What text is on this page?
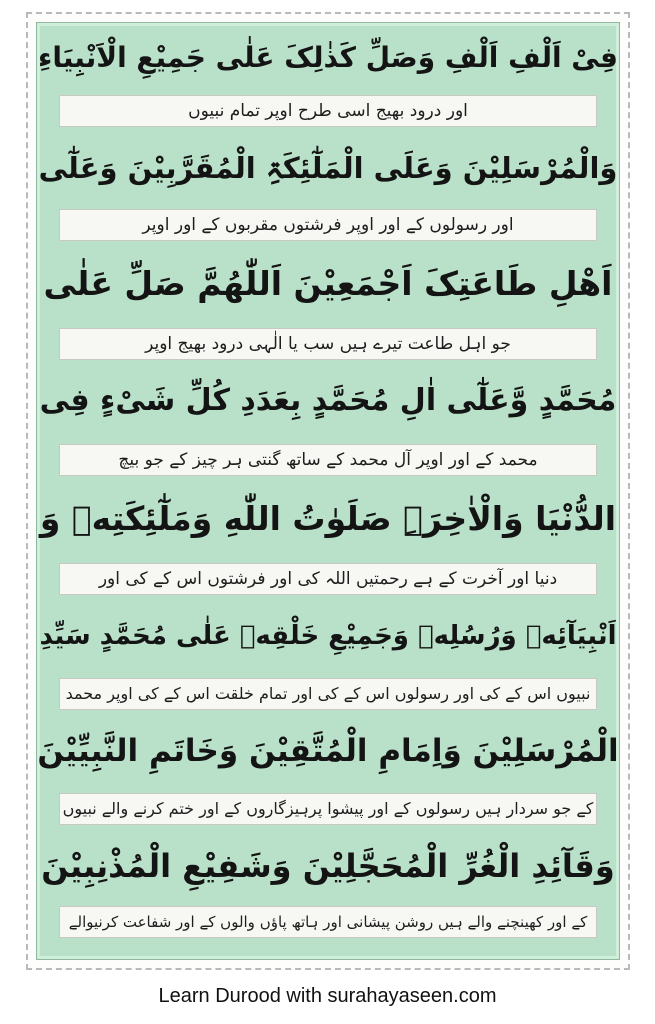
فِیْ اَلْفِ اَلْفِ وَصَلِّ کَذٰلِکَ عَلٰی جَمِیْعِ الْاَنْبِیَاءِ
اور درود بھیج اسی طرح اوپر تمام نبیوں
وَالْمُرْسَلِیْنَ وَعَلَی الْمَلٰٓئِکَۃِ الْمُقَرَّبِیْنَ وَعَلٰٓی
اور رسولوں کے اور اوپر فرشتوں مقربوں کے اور اوپر
اَهْلِ طَاعَتِکَ اَجْمَعِیْنَ اَللّٰهُمَّ صَلِّ عَلٰی
جو اہل طاعت تیرے ہیں سب یا الٰہی درود بھیج اوپر
مُحَمَّدٍ وَّعَلٰٓی اٰلِ مُحَمَّدٍ بِعَدَدِ کُلِّ شَیْءٍ فِی
محمد کے اور اوپر آل محمد کے ساتھ گنتی ہر چیز کے جو بیچ
الدُّنْیَا وَالْاٰخِرَۃِ صَلَوٰتُ اللّٰهِ وَمَلٰٓئِکَتِهٖ وَ
دنیا اور آخرت کے ہے رحمتیں اللہ کی اور فرشتوں اس کے کی اور
اَنْبِیَآئِهٖ وَرُسُلِهٖ وَجَمِیْعِ خَلْقِهٖ عَلٰی مُحَمَّدٍ سَیِّدِ
نبیوں اس کے کی اور رسولوں اس کے کی اور تمام خلقت اس کے کی اوپر محمد
الْمُرْسَلِیْنَ وَاِمَامِ الْمُتَّقِیْنَ وَخَاتَمِ النَّبِیِّیْنَ
کے جو سردار ہیں رسولوں کے اور پیشوا پرہیزگاروں کے اور ختم کرنے والے نبیوں
وَقَآئِدِ الْغُرِّ الْمُحَجَّلِیْنَ وَشَفِیْعِ الْمُذْنِبِیْنَ
کے اور کھینچنے والے ہیں روشن پیشانی اور ہاتھ پاؤں والوں کے اور شفاعت کرنیوالے
Learn Durood with surahayaseen.com
